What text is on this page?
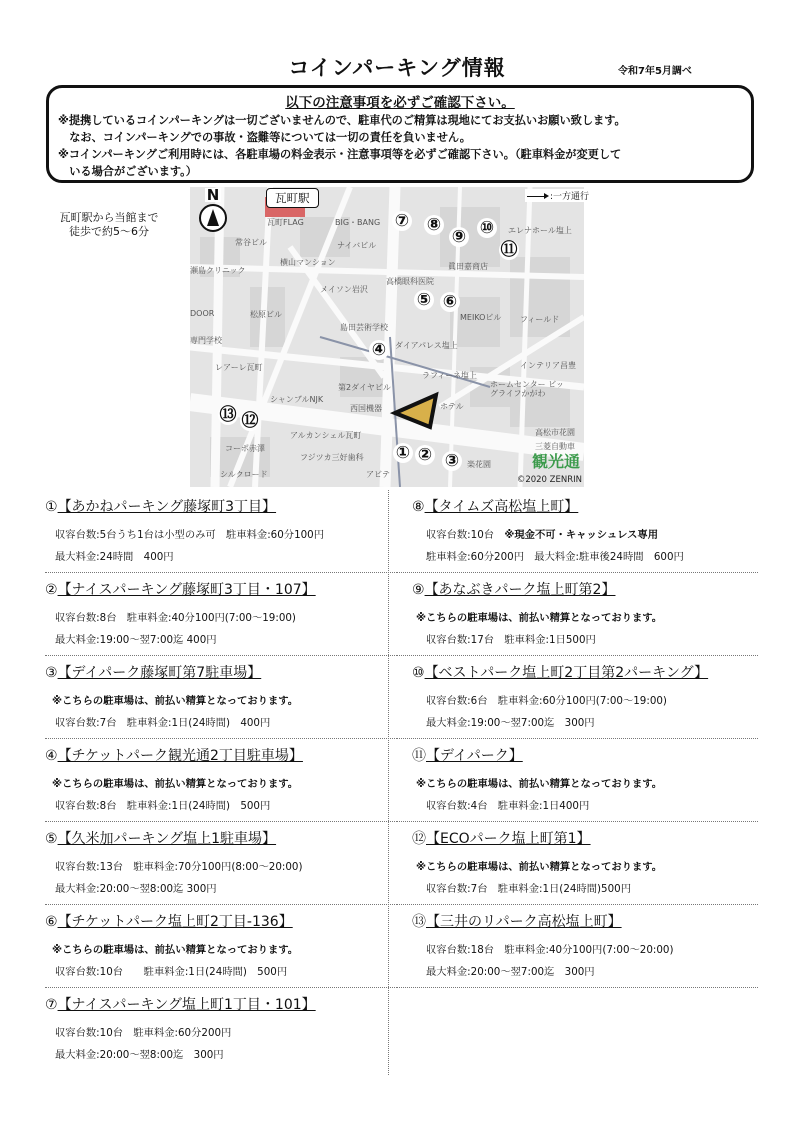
コインパーキング情報	令和7年5月調べ
以下の注意事項を必ずご確認下さい。
※提携しているコインパーキングは一切ございませんので、駐車代のご精算は現地にてお支払いお願い致します。
　なお、コインパーキングでの事故・盗難等については一切の責任を負いません。
※コインパーキングご利用時には、各駐車場の料金表示・注意事項等を必ずご確認下さい。（駐車料金が変更して
　いる場合がございます。）
瓦町駅から当館まで
徒歩で約5～6分
瓦町駅
瓦町FLAG
常谷ビル
BIG・BANG
ナイバビル
横山マンション
瀬島クリニック
メイソン岩沢
高橋眼科医院
眞田嘉商店
エレナホール塩上
MEIKOビル フィールド
松原ビル
DOOR
専門学校
島田芸術学校
ダイアパレス塩上
インテリア昌豊
レアーレ瓦町
ラフィーネ塩上
第2ダイヤビル	ホームセンター ビッグライフかがわ
シャンブルNJK
西国機器	ホテル
高松市花園
コーポ赤澤
アルカンシェル瓦町
三菱自動車
フジツカ三好歯科
アビテ
シルクロード
楽花園
① ② ③
④
⑤ ⑥
⑦ ⑧
⑨ ⑩
⑪
⑫
⑬
観光通
©2020 ZENRIN
N	:一方通行
①【あかねパーキング藤塚町3丁目】
収容台数:5台うち1台は小型のみ可　駐車料金:60分100円
最大料金:24時間　400円
②【ナイスパーキング藤塚町3丁目・107】
収容台数:8台　駐車料金:40分100円(7:00～19:00)
最大料金:19:00～翌7:00迄 400円
③【デイパーク藤塚町第7駐車場】
※こちらの駐車場は、前払い精算となっております。
収容台数:7台　駐車料金:1日(24時間)　400円
④【チケットパーク観光通2丁目駐車場】
※こちらの駐車場は、前払い精算となっております。
収容台数:8台　駐車料金:1日(24時間)　500円
⑤【久米加パーキング塩上1駐車場】
収容台数:13台　駐車料金:70分100円(8:00～20:00)
最大料金:20:00～翌8:00迄 300円
⑥【チケットパーク塩上町2丁目-136】
※こちらの駐車場は、前払い精算となっております。
収容台数:10台　　駐車料金:1日(24時間)　500円
⑦【ナイスパーキング塩上町1丁目・101】
収容台数:10台　駐車料金:60分200円
最大料金:20:00～翌8:00迄　300円
⑧【タイムズ高松塩上町】
収容台数:10台　※現金不可・キャッシュレス専用
駐車料金:60分200円　最大料金:駐車後24時間　600円
⑨【あなぶきパーク塩上町第2】
※こちらの駐車場は、前払い精算となっております。
収容台数:17台　駐車料金:1日500円
⑩【ベストパーク塩上町2丁目第2パーキング】
収容台数:6台　駐車料金:60分100円(7:00～19:00)
最大料金:19:00～翌7:00迄　300円
⑪【デイパーク】
※こちらの駐車場は、前払い精算となっております。
収容台数:4台　駐車料金:1日400円
⑫【ECOパーク塩上町第1】
※こちらの駐車場は、前払い精算となっております。
収容台数:7台　駐車料金:1日(24時間)500円
⑬【三井のリパーク高松塩上町】
収容台数:18台　駐車料金:40分100円(7:00～20:00)
最大料金:20:00～翌7:00迄　300円
